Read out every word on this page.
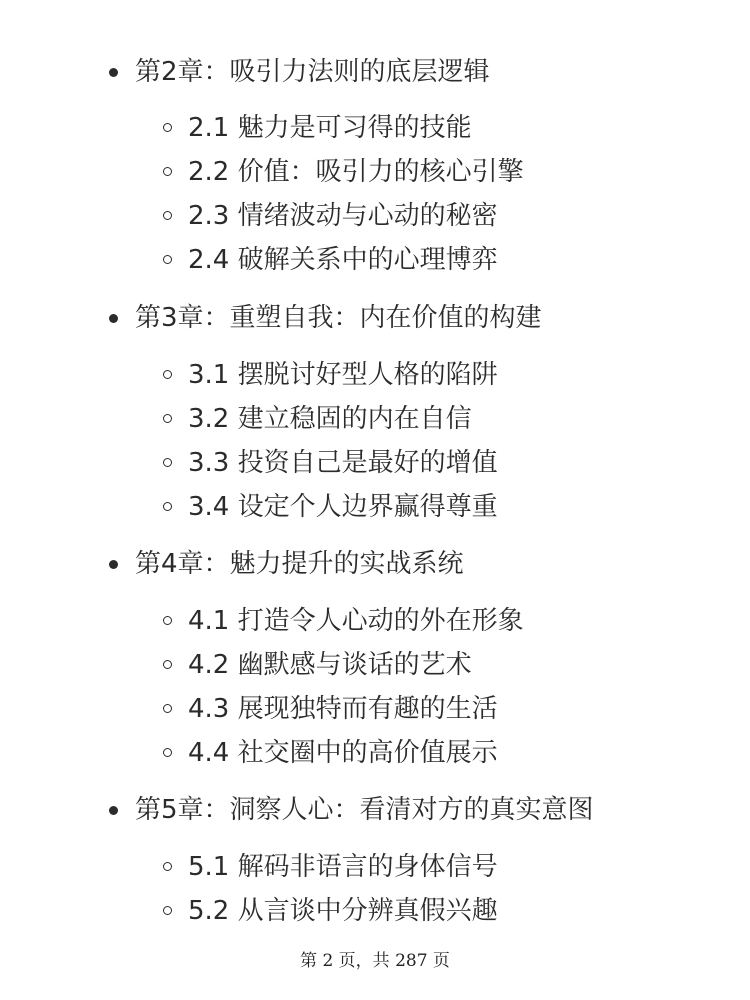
第2章：吸引力法则的底层逻辑
2.1 魅力是可习得的技能
2.2 价值：吸引力的核心引擎
2.3 情绪波动与心动的秘密
2.4 破解关系中的心理博弈
第3章：重塑自我：内在价值的构建
3.1 摆脱讨好型人格的陷阱
3.2 建立稳固的内在自信
3.3 投资自己是最好的增值
3.4 设定个人边界赢得尊重
第4章：魅力提升的实战系统
4.1 打造令人心动的外在形象
4.2 幽默感与谈话的艺术
4.3 展现独特而有趣的生活
4.4 社交圈中的高价值展示
第5章：洞察人心：看清对方的真实意图
5.1 解码非语言的身体信号
5.2 从言谈中分辨真假兴趣
第 2 页，共 287 页
